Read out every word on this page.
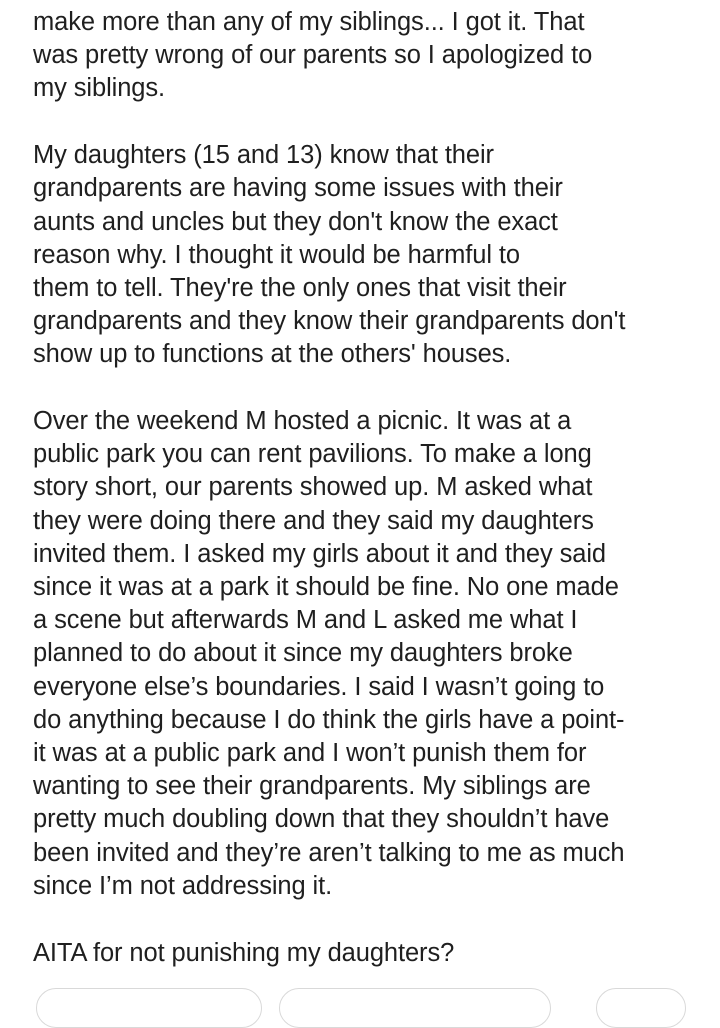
make more than any of my siblings... I got it. That
was pretty wrong of our parents so I apologized to
my siblings.
My daughters (15 and 13) know that their
grandparents are having some issues with their
aunts and uncles but they don't know the exact
reason why. I thought it would be harmful to
them to tell. They're the only ones that visit their
grandparents and they know their grandparents don't
show up to functions at the others' houses.
Over the weekend M hosted a picnic. It was at a
public park you can rent pavilions. To make a long
story short, our parents showed up. M asked what
they were doing there and they said my daughters
invited them. I asked my girls about it and they said
since it was at a park it should be fine. No one made
a scene but afterwards M and L asked me what I
planned to do about it since my daughters broke
everyone else’s boundaries. I said I wasn’t going to
do anything because I do think the girls have a point-
it was at a public park and I won’t punish them for
wanting to see their grandparents. My siblings are
pretty much doubling down that they shouldn’t have
been invited and they’re aren’t talking to me as much
since I’m not addressing it.
AITA for not punishing my daughters?
